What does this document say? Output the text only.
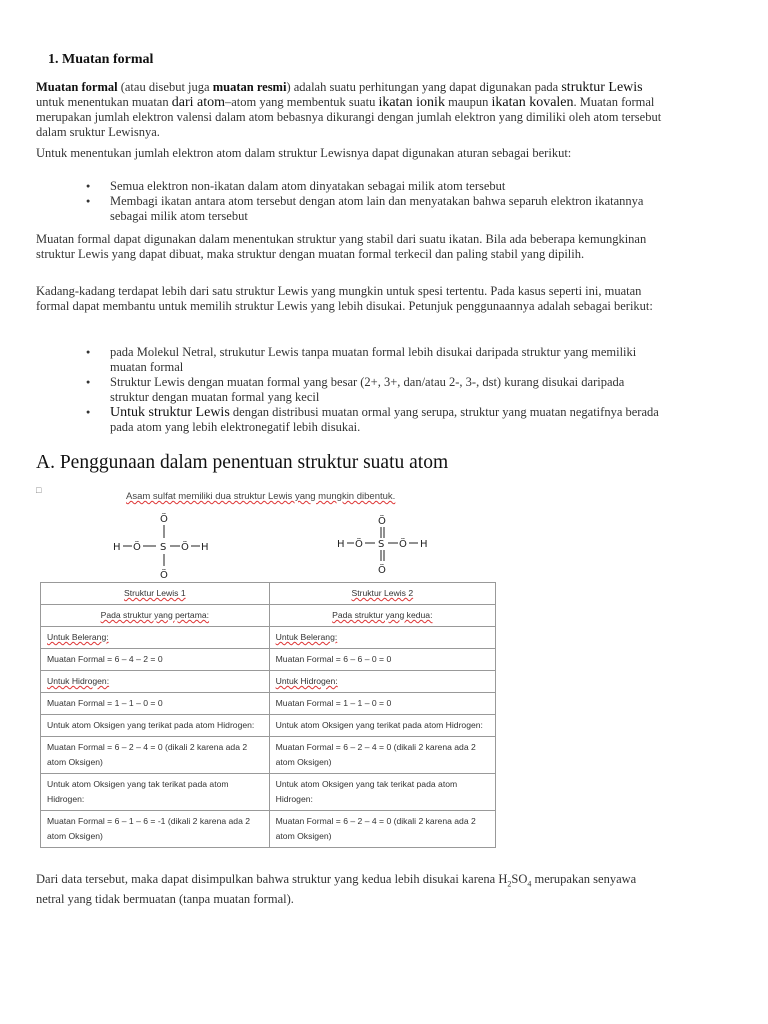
1. Muatan formal
Muatan formal (atau disebut juga muatan resmi) adalah suatu perhitungan yang dapat digunakan pada struktur Lewis untuk menentukan muatan dari atom–atom yang membentuk suatu ikatan ionik maupun ikatan kovalen. Muatan formal merupakan jumlah elektron valensi dalam atom bebasnya dikurangi dengan jumlah elektron yang dimiliki oleh atom tersebut dalam sruktur Lewisnya.
Untuk menentukan jumlah elektron atom dalam struktur Lewisnya dapat digunakan aturan sebagai berikut:
● Semua elektron non-ikatan dalam atom dinyatakan sebagai milik atom tersebut
● Membagi ikatan antara atom tersebut dengan atom lain dan menyatakan bahwa separuh elektron ikatannya sebagai milik atom tersebut
Muatan formal dapat digunakan dalam menentukan struktur yang stabil dari suatu ikatan. Bila ada beberapa kemungkinan struktur Lewis yang dapat dibuat, maka struktur dengan muatan formal terkecil dan paling stabil yang dipilih.
Kadang-kadang terdapat lebih dari satu struktur Lewis yang mungkin untuk spesi tertentu. Pada kasus seperti ini, muatan formal dapat membantu untuk memilih struktur Lewis yang lebih disukai. Petunjuk penggunaannya adalah sebagai berikut:
● pada Molekul Netral, strukutur Lewis tanpa muatan formal lebih disukai daripada struktur yang memiliki muatan formal
● Struktur Lewis dengan muatan formal yang besar (2+, 3+, dan/atau 2-, 3-, dst) kurang disukai daripada struktur dengan muatan formal yang kecil
● Untuk struktur Lewis dengan distribusi muatan ormal yang serupa, struktur yang muatan negatifnya berada pada atom yang lebih elektronegatif lebih disukai.
A. Penggunaan dalam penentuan struktur suatu atom
□
Asam sulfat memiliki dua struktur Lewis yang mungkin dibentuk.
Ö
H Ö S Ö H
Ö
Ö
H Ö S Ö H
Ö
Struktur Lewis 1	Struktur Lewis 2
Pada struktur yang pertama:	Pada struktur yang kedua:
Untuk Belerang:	Untuk Belerang:
Muatan Formal = 6 – 4 – 2 = 0	Muatan Formal = 6 – 6 – 0 = 0
Untuk Hidrogen:	Untuk Hidrogen:
Muatan Formal = 1 – 1 – 0 = 0	Muatan Formal = 1 – 1 – 0 = 0
Untuk atom Oksigen yang terikat pada atom Hidrogen:	Untuk atom Oksigen yang terikat pada atom Hidrogen:
Muatan Formal = 6 – 2 – 4 = 0 (dikali 2 karena ada 2 atom Oksigen)	Muatan Formal = 6 – 2 – 4 = 0 (dikali 2 karena ada 2 atom Oksigen)
Untuk atom Oksigen yang tak terikat pada atom Hidrogen:	Untuk atom Oksigen yang tak terikat pada atom Hidrogen:
Muatan Formal = 6 – 1 – 6 = -1 (dikali 2 karena ada 2 atom Oksigen)	Muatan Formal = 6 – 2 – 4 = 0 (dikali 2 karena ada 2 atom Oksigen)
Dari data tersebut, maka dapat disimpulkan bahwa struktur yang kedua lebih disukai karena $H_2SO_4$ merupakan senyawa netral yang tidak bermuatan (tanpa muatan formal).
